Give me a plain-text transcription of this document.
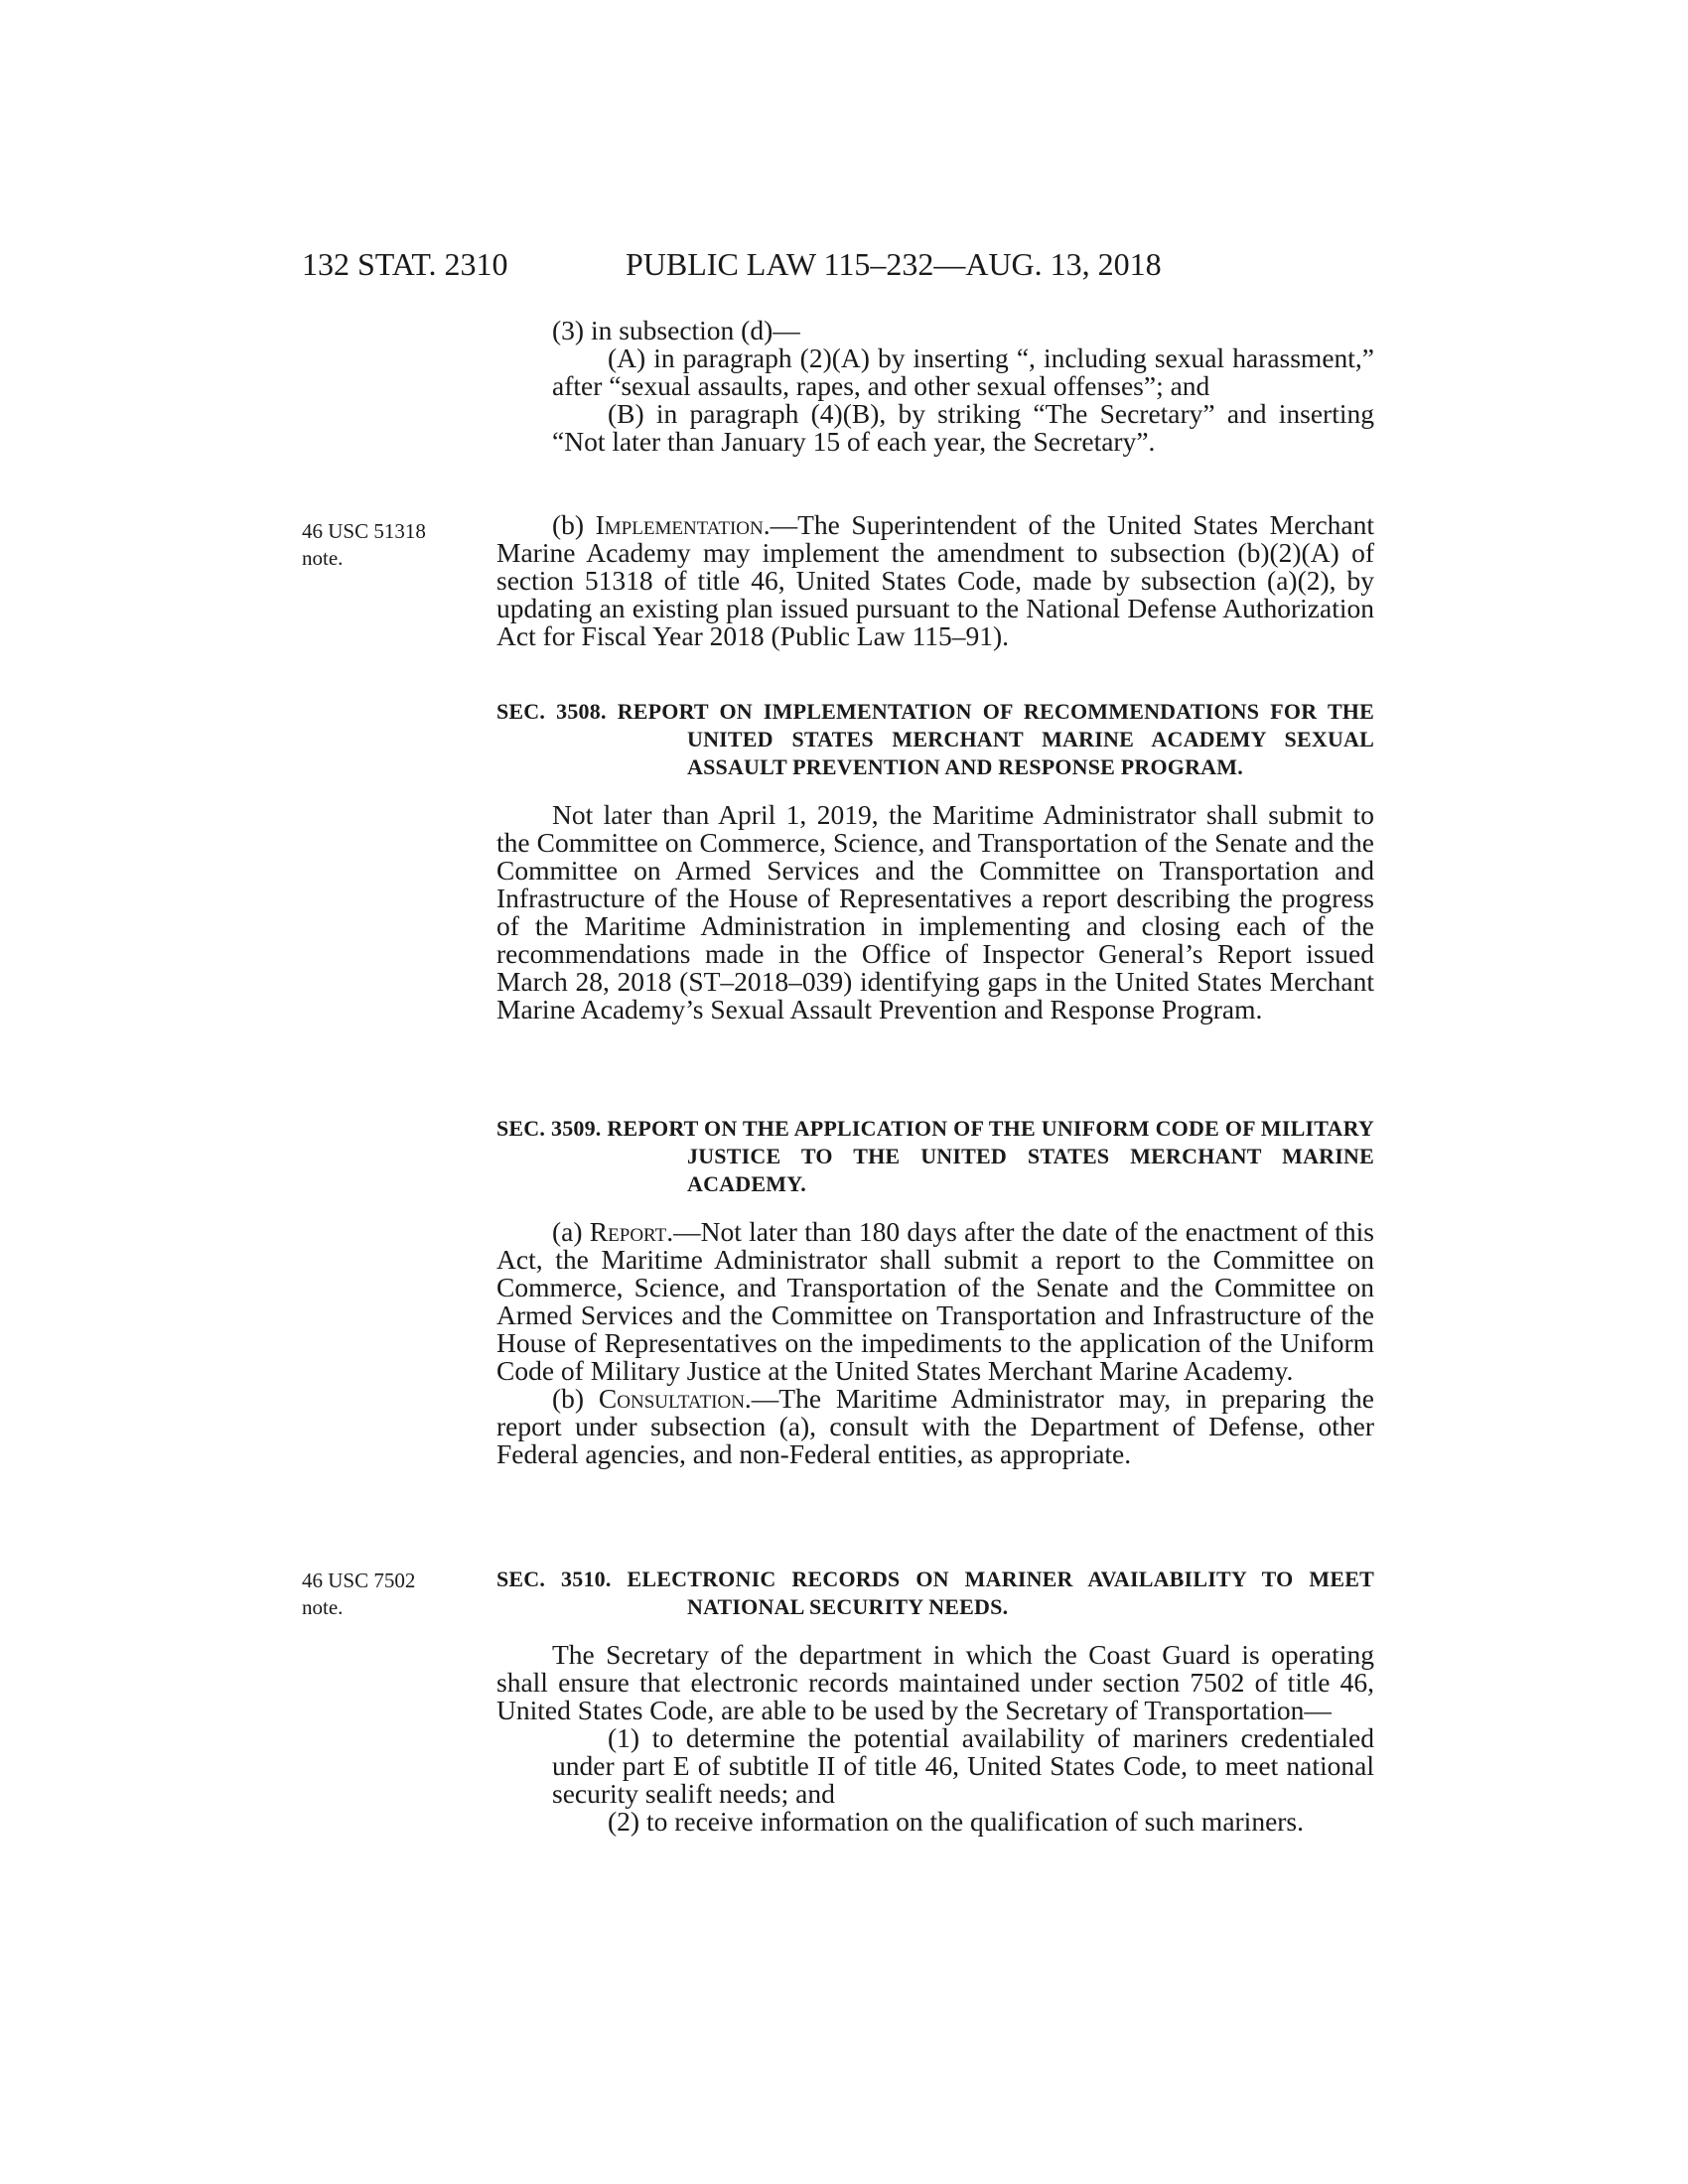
132 STAT. 2310	PUBLIC LAW 115–232—AUG. 13, 2018
46 USC 51318
note.
46 USC 7502
note.

(3) in subsection (d)—

(A) in paragraph (2)(A) by inserting “, including sexual harassment,” after “sexual assaults, rapes, and other sexual offenses”; and

(B) in paragraph (4)(B), by striking “The Secretary” and inserting “Not later than January 15 of each year, the Secretary”.

(b) Implementation.—The Superintendent of the United States Merchant Marine Academy may implement the amendment to subsection (b)(2)(A) of section 51318 of title 46, United States Code, made by subsection (a)(2), by updating an existing plan issued pursuant to the National Defense Authorization Act for Fiscal Year 2018 (Public Law 115–91).

SEC. 3508. REPORT ON IMPLEMENTATION OF RECOMMENDATIONS FOR THE UNITED STATES MERCHANT MARINE ACADEMY SEXUAL ASSAULT PREVENTION AND RESPONSE PROGRAM.

Not later than April 1, 2019, the Maritime Administrator shall submit to the Committee on Commerce, Science, and Transportation of the Senate and the Committee on Armed Services and the Committee on Transportation and Infrastructure of the House of Representatives a report describing the progress of the Maritime Administration in implementing and closing each of the recommendations made in the Office of Inspector General’s Report issued March 28, 2018 (ST–2018–039) identifying gaps in the United States Merchant Marine Academy’s Sexual Assault Prevention and Response Program.

SEC. 3509. REPORT ON THE APPLICATION OF THE UNIFORM CODE OF MILITARY JUSTICE TO THE UNITED STATES MERCHANT MARINE ACADEMY.

(a) Report.—Not later than 180 days after the date of the enactment of this Act, the Maritime Administrator shall submit a report to the Committee on Commerce, Science, and Transportation of the Senate and the Committee on Armed Services and the Committee on Transportation and Infrastructure of the House of Representatives on the impediments to the application of the Uniform Code of Military Justice at the United States Merchant Marine Academy.

(b) Consultation.—The Maritime Administrator may, in preparing the report under subsection (a), consult with the Department of Defense, other Federal agencies, and non-Federal entities, as appropriate.

SEC. 3510. ELECTRONIC RECORDS ON MARINER AVAILABILITY TO MEET NATIONAL SECURITY NEEDS.

The Secretary of the department in which the Coast Guard is operating shall ensure that electronic records maintained under section 7502 of title 46, United States Code, are able to be used by the Secretary of Transportation—

(1) to determine the potential availability of mariners credentialed under part E of subtitle II of title 46, United States Code, to meet national security sealift needs; and

(2) to receive information on the qualification of such mariners.
